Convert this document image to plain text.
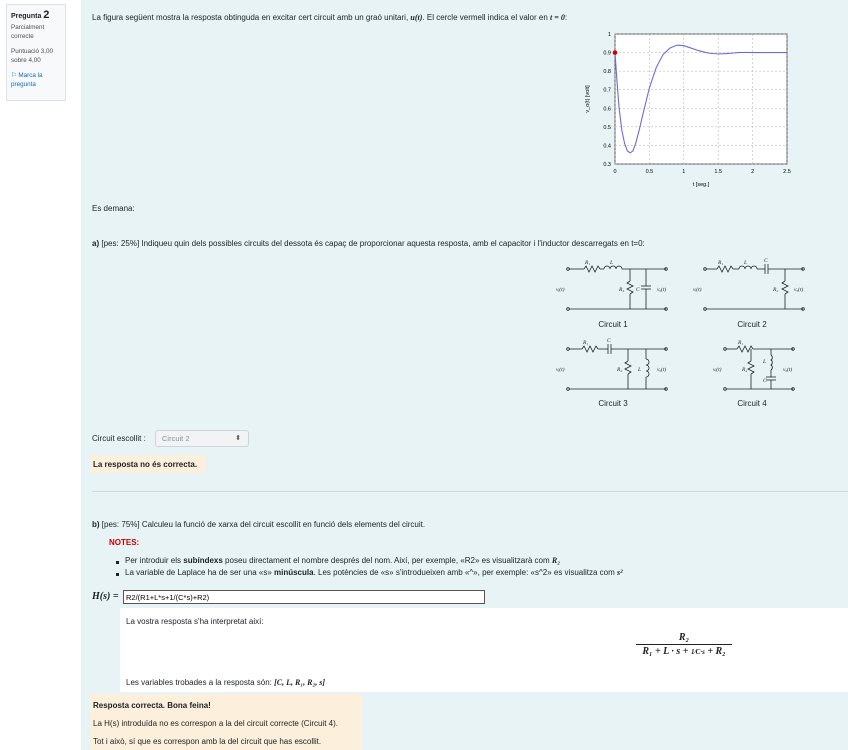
Pregunta 2
Parcialment correcte
Puntuació 3,00 sobre 4,00
⚐ Marca la pregunta
La figura següent mostra la resposta obtinguda en excitar cert circuit amb un graó unitari, u(t). El cercle vermell indica el valor en t = 0:
0	0.5	1	1.5	2	2.5
0.3
0.4
0.5
0.6
0.7
0.8
0.9
1
t [seg.]
v_o(t) [volt]
Es demana:
a) [pes: 25%] Indiqueu quin dels possibles circuits del dessota és capaç de proporcionar aquesta resposta, amb el capacitor i l'inductor descarregats en t=0:
R₁	L
R₂ C
vᵢ(t)	vₒ(t)
R₁	L	C
R₂
vᵢ(t)	vₒ(t)
R₁	C
R₂	L
vᵢ(t)	vₒ(t)
R₁
R₂
L
C
vᵢ(t)	vₒ(t)
Circuit 1	Circuit 2
Circuit 3	Circuit 4
Circuit escollit :	Circuit 2	⬍
La resposta no és correcta.
b) [pes: 75%] Calculeu la funció de xarxa del circuit escollit en funció dels elements del circuit.
NOTES:
Per introduir els subíndexs poseu directament el nombre després del nom. Així, per exemple, «R2» es visualitzarà com R₂
La variable de Laplace ha de ser una «s» minúscula. Les potències de «s» s'introdueixen amb «^», per exemple: «s^2» es visualitza com s²
H(s) =
R2/(R1+L*s+1/(C*s)+R2)
La vostra resposta s'ha interpretat així:
R₂
R₁ + L · s + 1⁄C·s + R₂
Les variables trobades a la resposta són: [C, L, R₁, R₂, s]
Resposta correcta. Bona feina!
La H(s) introduïda no es correspon a la del circuit correcte (Circuit 4).
Tot i això, sí que es correspon amb la del circuit que has escollit.
